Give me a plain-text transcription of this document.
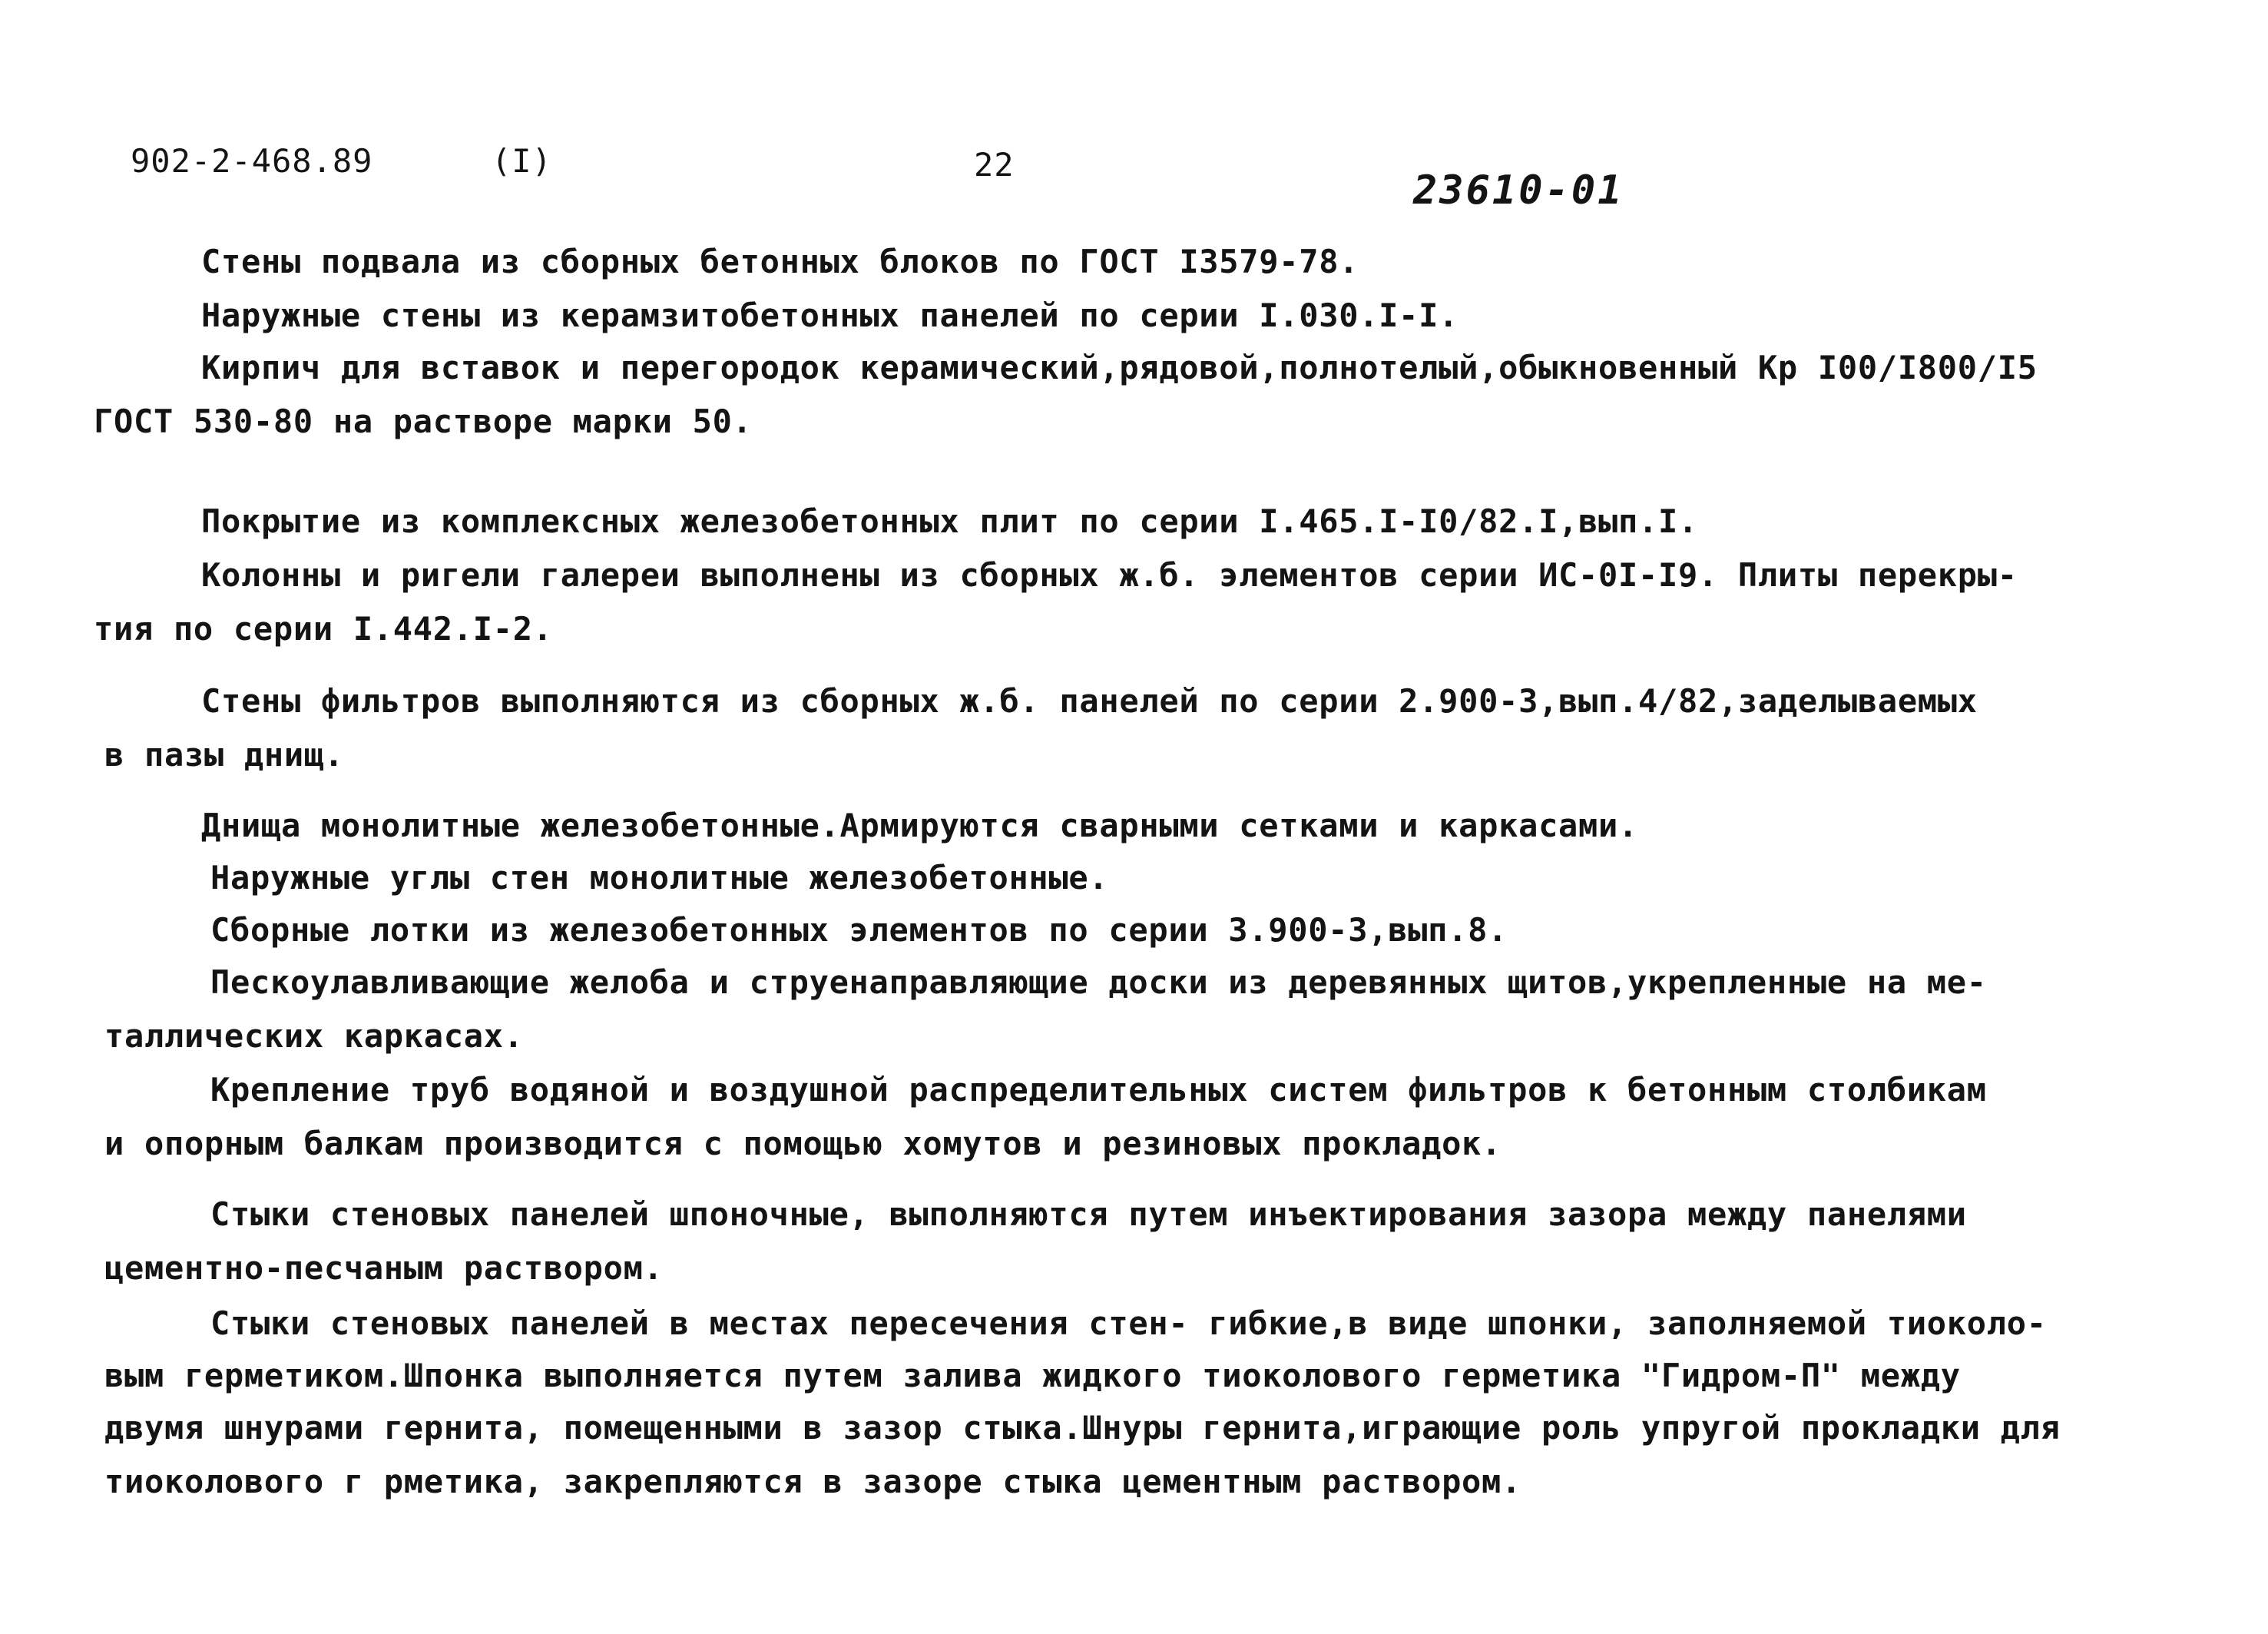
902-2-468.89	(I)	22
23610-01
Стены подвала из сборных бетонных блоков по ГОСТ I3579-78.
Наружные стены из керамзитобетонных панелей по серии I.030.I-I.
Кирпич для вставок и перегородок керамический,рядовой,полнотелый,обыкновенный Кр I00/I800/I5
ГОСТ 530-80 на растворе марки 50.
Покрытие из комплексных железобетонных плит по серии I.465.I-I0/82.I,вып.I.
Колонны и ригели галереи выполнены из сборных ж.б. элементов серии ИС-0I-I9. Плиты перекры-
тия по серии I.442.I-2.
Стены фильтров выполняются из сборных ж.б. панелей по серии 2.900-3,вып.4/82,заделываемых
в пазы днищ.
Днища монолитные железобетонные.Армируются сварными сетками и каркасами.
Наружные углы стен монолитные железобетонные.
Сборные лотки из железобетонных элементов по серии 3.900-3,вып.8.
Пескоулавливающие желоба и струенаправляющие доски из деревянных щитов,укрепленные на ме-
таллических каркасах.
Крепление труб водяной и воздушной распределительных систем фильтров к бетонным столбикам
и опорным балкам производится с помощью хомутов и резиновых прокладок.
Стыки стеновых панелей шпоночные, выполняются путем инъектирования зазора между панелями
цементно-песчаным раствором.
Стыки стеновых панелей в местах пересечения стен- гибкие,в виде шпонки, заполняемой тиоколо-
вым герметиком.Шпонка выполняется путем залива жидкого тиоколового герметика "Гидром-П" между
двумя шнурами гернита, помещенными в зазор стыка.Шнуры гернита,играющие роль упругой прокладки для
тиоколового г рметика, закрепляются в зазоре стыка цементным раствором.
